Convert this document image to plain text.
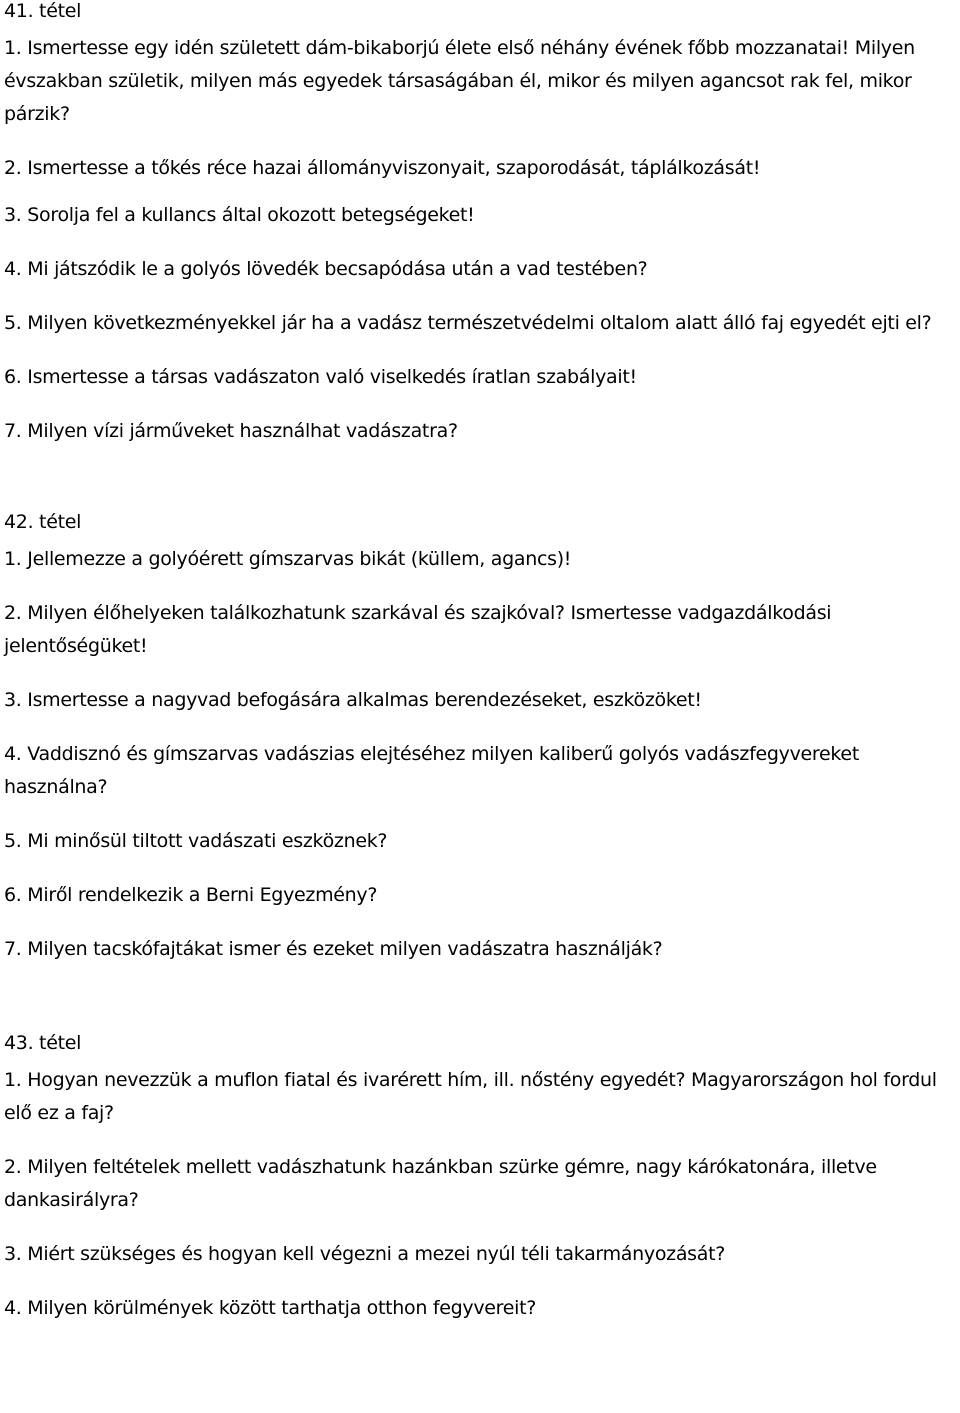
41. tétel

1. Ismertesse egy idén született dám-bikaborjú élete első néhány évének főbb mozzanatai! Milyen évszakban születik, milyen más egyedek társaságában él, mikor és milyen agancsot rak fel, mikor párzik?

2. Ismertesse a tőkés réce hazai állományviszonyait, szaporodását, táplálkozását!

3. Sorolja fel a kullancs által okozott betegségeket!

4. Mi játszódik le a golyós lövedék becsapódása után a vad testében?

5. Milyen következményekkel jár ha a vadász természetvédelmi oltalom alatt álló faj egyedét ejti el?

6. Ismertesse a társas vadászaton való viselkedés íratlan szabályait!

7. Milyen vízi járműveket használhat vadászatra?

42. tétel

1. Jellemezze a golyóérett gímszarvas bikát (küllem, agancs)!

2. Milyen élőhelyeken találkozhatunk szarkával és szajkóval? Ismertesse vadgazdálkodási jelentőségüket!

3. Ismertesse a nagyvad befogására alkalmas berendezéseket, eszközöket!

4. Vaddisznó és gímszarvas vadászias elejtéséhez milyen kaliberű golyós vadászfegyvereket használna?

5. Mi minősül tiltott vadászati eszköznek?

6. Miről rendelkezik a Berni Egyezmény?

7. Milyen tacskófajtákat ismer és ezeket milyen vadászatra használják?

43. tétel

1. Hogyan nevezzük a muflon fiatal és ivarérett hím, ill. nőstény egyedét? Magyarországon hol fordul elő ez a faj?

2. Milyen feltételek mellett vadászhatunk hazánkban szürke gémre, nagy kárókatonára, illetve dankasirályra?

3. Miért szükséges és hogyan kell végezni a mezei nyúl téli takarmányozását?

4. Milyen körülmények között tarthatja otthon fegyvereit?
